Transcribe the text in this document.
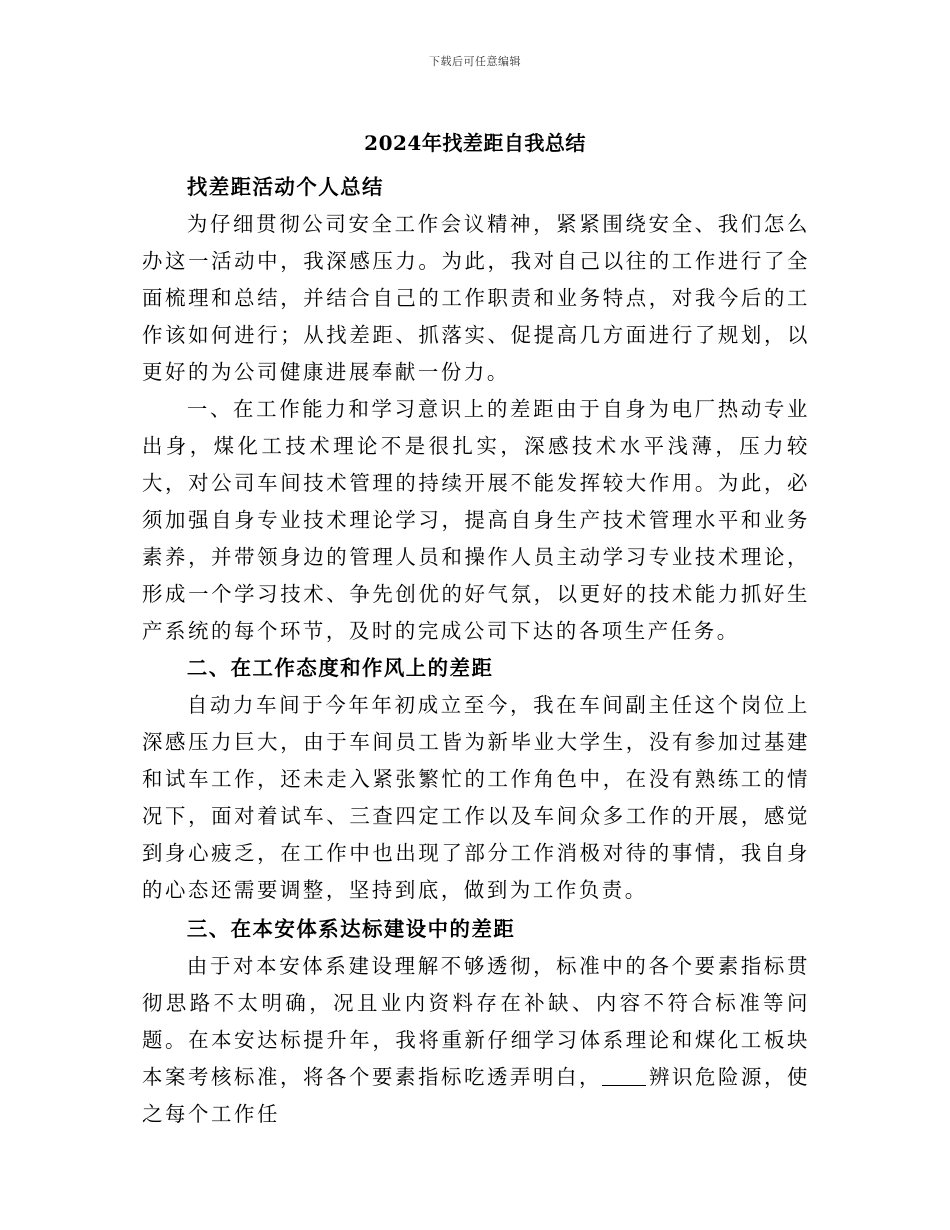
下载后可任意编辑
2024年找差距自我总结

找差距活动个人总结

为仔细贯彻公司安全工作会议精神，紧紧围绕安全、我们怎么办这一活动中，我深感压力。为此，我对自己以往的工作进行了全面梳理和总结，并结合自己的工作职责和业务特点，对我今后的工作该如何进行；从找差距、抓落实、促提高几方面进行了规划，以更好的为公司健康进展奉献一份力。

一、在工作能力和学习意识上的差距由于自身为电厂热动专业出身，煤化工技术理论不是很扎实，深感技术水平浅薄，压力较大，对公司车间技术管理的持续开展不能发挥较大作用。为此，必须加强自身专业技术理论学习，提高自身生产技术管理水平和业务素养，并带领身边的管理人员和操作人员主动学习专业技术理论，形成一个学习技术、争先创优的好气氛，以更好的技术能力抓好生产系统的每个环节，及时的完成公司下达的各项生产任务。

二、在工作态度和作风上的差距

自动力车间于今年年初成立至今，我在车间副主任这个岗位上深感压力巨大，由于车间员工皆为新毕业大学生，没有参加过基建和试车工作，还未走入紧张繁忙的工作角色中，在没有熟练工的情况下，面对着试车、三查四定工作以及车间众多工作的开展，感觉到身心疲乏，在工作中也出现了部分工作消极对待的事情，我自身的心态还需要调整，坚持到底，做到为工作负责。

三、在本安体系达标建设中的差距

由于对本安体系建设理解不够透彻，标准中的各个要素指标贯彻思路不太明确，况且业内资料存在补缺、内容不符合标准等问题。在本安达标提升年，我将重新仔细学习体系理论和煤化工板块本案考核标准，将各个要素指标吃透弄明白， 辨识危险源，使之每个工作任
